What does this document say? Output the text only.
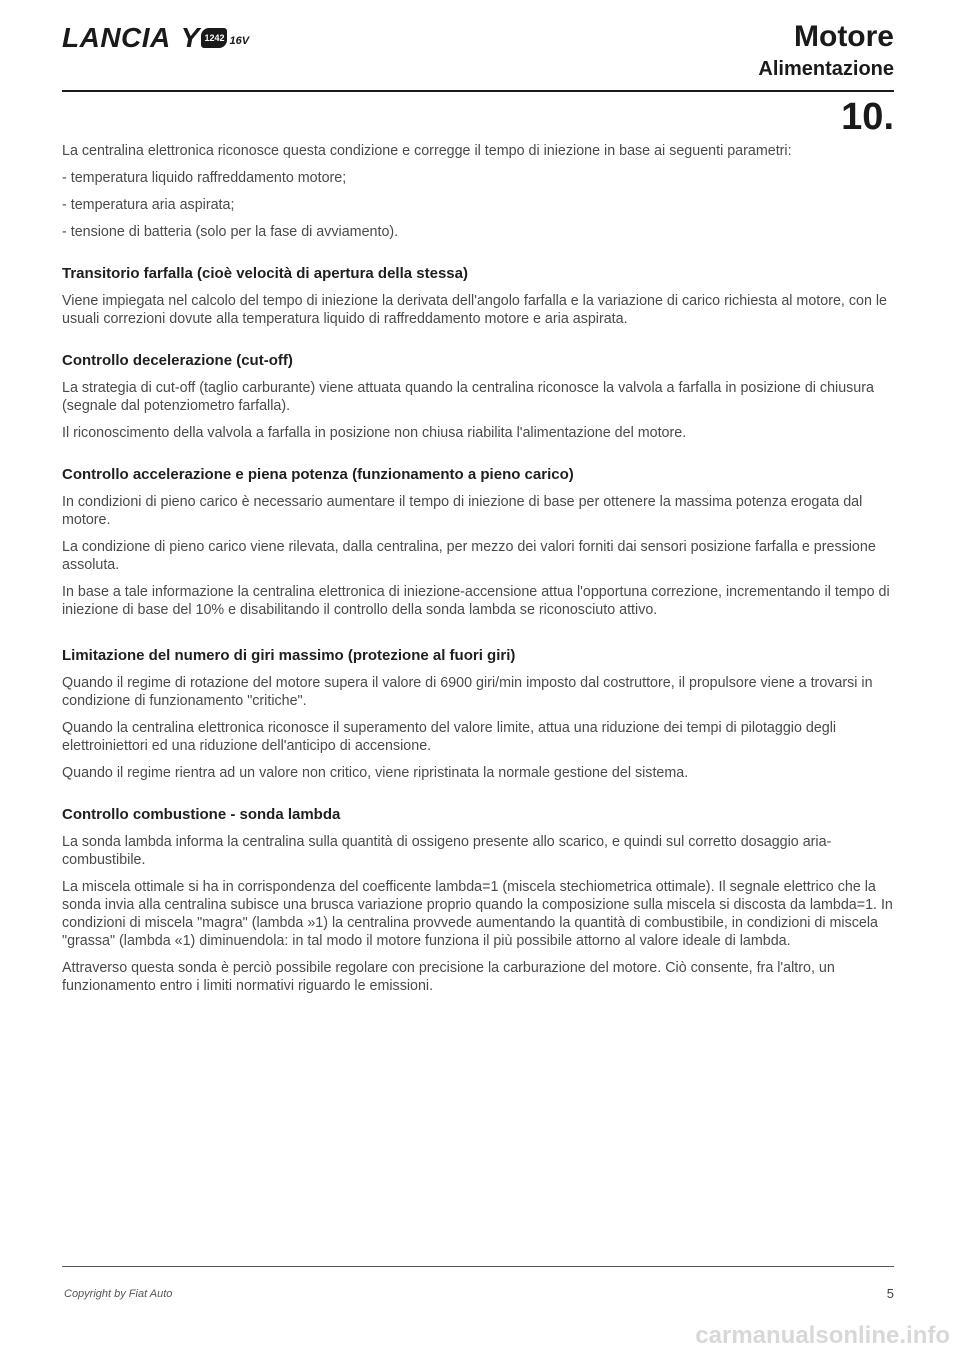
LANCIA Y 1242 16V	Motore
Alimentazione
10.

La centralina elettronica riconosce questa condizione e corregge il tempo di iniezione in base ai seguenti parametri:

- temperatura liquido raffreddamento motore;
- temperatura aria aspirata;
- tensione di batteria (solo per la fase di avviamento).
Transitorio farfalla (cioè velocità di apertura della stessa)

Viene impiegata nel calcolo del tempo di iniezione la derivata dell'angolo farfalla e la variazione di carico richiesta al motore, con le usuali correzioni dovute alla temperatura liquido di raffreddamento motore e aria aspirata.

Controllo decelerazione (cut-off)

La strategia di cut-off (taglio carburante) viene attuata quando la centralina riconosce la valvola a farfalla in posizione di chiusura (segnale dal potenziometro farfalla).

Il riconoscimento della valvola a farfalla in posizione non chiusa riabilita l'alimentazione del motore.

Controllo accelerazione e piena potenza (funzionamento a pieno carico)

In condizioni di pieno carico è necessario aumentare il tempo di iniezione di base per ottenere la massima potenza erogata dal motore.

La condizione di pieno carico viene rilevata, dalla centralina, per mezzo dei valori forniti dai sensori posizione farfalla e pressione assoluta.

In base a tale informazione la centralina elettronica di iniezione-accensione attua l'opportuna correzione, incrementando il tempo di iniezione di base del 10% e disabilitando il controllo della sonda lambda se riconosciuto attivo.

Limitazione del numero di giri massimo (protezione al fuori giri)

Quando il regime di rotazione del motore supera il valore di 6900 giri/min imposto dal costruttore, il propulsore viene a trovarsi in condizione di funzionamento "critiche".

Quando la centralina elettronica riconosce il superamento del valore limite, attua una riduzione dei tempi di pilotaggio degli elettroiniettori ed una riduzione dell'anticipo di accensione.

Quando il regime rientra ad un valore non critico, viene ripristinata la normale gestione del sistema.

Controllo combustione - sonda lambda

La sonda lambda informa la centralina sulla quantità di ossigeno presente allo scarico, e quindi sul corretto dosaggio aria-combustibile.

La miscela ottimale si ha in corrispondenza del coefficente lambda=1 (miscela stechiometrica ottimale). Il segnale elettrico che la sonda invia alla centralina subisce una brusca variazione proprio quando la composizione sulla miscela si discosta da lambda=1. In condizioni di miscela "magra" (lambda »1) la centralina provvede aumentando la quantità di combustibile, in condizioni di miscela "grassa" (lambda «1) diminuendola: in tal modo il motore funziona il più possibile attorno al valore ideale di lambda.

Attraverso questa sonda è perciò possibile regolare con precisione la carburazione del motore. Ciò consente, fra l'altro, un funzionamento entro i limiti normativi riguardo le emissioni.

Copyright by Fiat Auto	5
carmanualsonline.info
